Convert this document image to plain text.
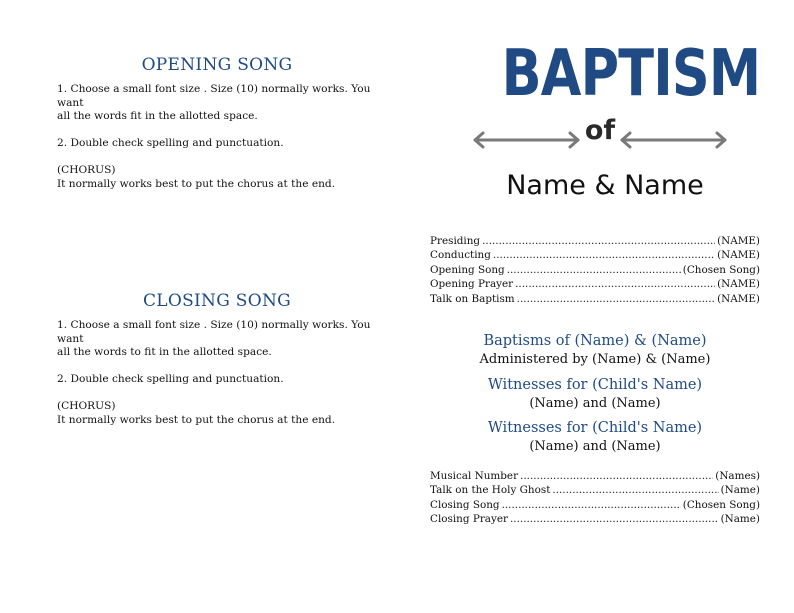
OPENING SONG

1. Choose a small font size . Size (10) normally works. You want

all the words fit in the allotted space.

2. Double check spelling and punctuation.

(CHORUS)

It normally works best to put the chorus at the end.

CLOSING SONG

1. Choose a small font size . Size (10) normally works. You want

all the words to fit in the allotted space.

2. Double check spelling and punctuation.

(CHORUS)

It normally works best to put the chorus at the end.

BAPTISM
of
Name & Name
Presiding .....	(NAME)
Conducting .....	(NAME)
Opening Song .....	(Chosen Song)
Opening Prayer .....	(NAME)
Talk on Baptism .....	(NAME)
Baptisms of (Name) & (Name)
Administered by (Name) & (Name)
Witnesses for (Child's Name)
(Name) and (Name)
Witnesses for (Child's Name)
(Name) and (Name)
Musical Number .....	(Names)
Talk on the Holy Ghost .....	(Name)
Closing Song .....	(Chosen Song)
Closing Prayer .....	(Name)
